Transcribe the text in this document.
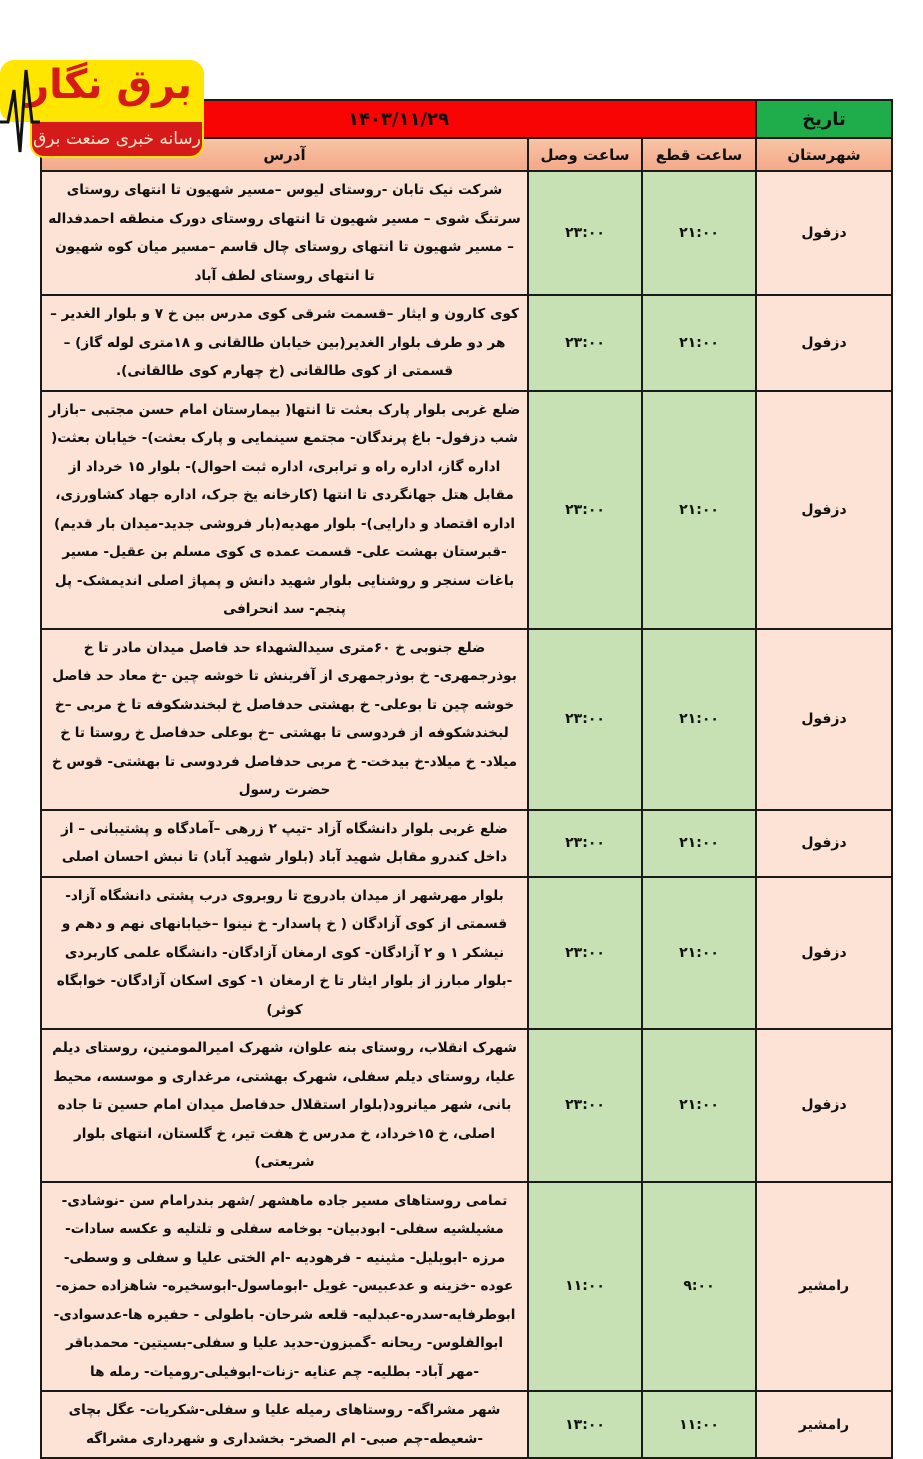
برق نگار
رسانه خبری صنعت برق
تاریخ	۱۴۰۳/۱۱/۲۹		
شهرستان	ساعت قطع	ساعت وصل	آدرس
دزفول	۲۱:۰۰	۲۳:۰۰	شرکت نیک تابان -روستای لیوس –مسیر شهیون تا انتهای روستای سرتنگ شوی – مسیر شهیون تا انتهای روستای دورک منطقه احمدفداله – مسیر شهیون تا انتهای روستای چال قاسم –مسیر میان کوه شهیون تا انتهای روستای لطف آباد
دزفول	۲۱:۰۰	۲۳:۰۰	کوی کارون و ایثار –قسمت شرقی کوی مدرس بین خ ۷ و بلوار الغدیر –هر دو طرف بلوار الغدیر(بین خیابان طالقانی و ۱۸متری لوله گاز) –قسمتی از کوی طالقانی (خ چهارم کوی طالقانی).
دزفول	۲۱:۰۰	۲۳:۰۰	ضلع غربی بلوار پارک بعثت تا انتها( بیمارستان امام حسن مجتبی –بازار شب دزفول- باغ پرندگان- مجتمع سینمایی و پارک بعثت)- خیابان بعثت( اداره گاز، اداره راه و ترابری، اداره ثبت احوال)- بلوار ۱۵ خرداد از مقابل هتل جهانگردی تا انتها (کارخانه یخ جرک، اداره جهاد کشاورزی، اداره اقتصاد و دارایی)- بلوار مهدیه(بار فروشی جدید-میدان بار قدیم) -قبرستان بهشت علی- قسمت عمده ی کوی مسلم بن عقیل- مسیر باغات سنجر و روشنایی بلوار شهید دانش و پمپاژ اصلی اندیمشک- پل پنجم- سد انحرافی
دزفول	۲۱:۰۰	۲۳:۰۰	ضلع جنوبی خ ۶۰متری سیدالشهداء حد فاصل میدان مادر تا خ بوذرجمهری- خ بوذرجمهری از آفرینش تا خوشه چین -خ معاد حد فاصل خوشه چین تا بوعلی- خ بهشتی حدفاصل خ لبخندشکوفه تا خ مربی –خ لبخندشکوفه از فردوسی تا بهشتی –خ بوعلی حدفاصل خ روستا تا خ میلاد- خ میلاد-خ بیدخت- خ مربی حدفاصل فردوسی تا بهشتی- قوس خ حضرت رسول
دزفول	۲۱:۰۰	۲۳:۰۰	ضلع غربی بلوار دانشگاه آزاد -تیپ ۲ زرهی –آمادگاه و پشتیبانی – از داخل کندرو مقابل شهید آباد (بلوار شهید آباد) تا نبش احسان اصلی
دزفول	۲۱:۰۰	۲۳:۰۰	بلوار مهرشهر از میدان بادروج تا روبروی درب پشتی دانشگاه آزاد- قسمتی از کوی آزادگان ( خ پاسدار- خ نینوا –خیابانهای نهم و دهم و نیشکر ۱ و ۲ آزادگان- کوی ارمغان آزادگان- دانشگاه علمی کاربردی -بلوار مبارز از بلوار ایثار تا خ ارمغان ۱- کوی اسکان آزادگان- خوابگاه کوثر)
دزفول	۲۱:۰۰	۲۳:۰۰	شهرک انقلاب، روستای بنه علوان، شهرک امیرالمومنین، روستای دیلم علیا، روستای دیلم سفلی، شهرک بهشتی، مرغداری و موسسه، محیط بانی، شهر میانرود(بلوار استقلال حدفاصل میدان امام حسین تا جاده اصلی، خ ۱۵خرداد، خ مدرس خ هفت تیر، خ گلستان، انتهای بلوار شریعتی)
رامشیر	۹:۰۰	۱۱:۰۰	تمامی روستاهای مسیر جاده ماهشهر /شهر بندرامام سن -نوشادی- مشیلشیه سفلی- ابودبیان- بوخامه سفلی و تلتلیه و عکسه سادات- مرزه -ابویلیل- مثینیه - فرهودیه -ام الختی علیا و سفلی و وسطی- عوده -خزینه و عدعبیس- غویل -ابوماسول-ابوسخیره- شاهزاده حمزه-ابوطرفایه-سدره-عبدلیه- قلعه شرحان- باطولی - حفیره ها-عدسوادی- ابوالفلوس- ریحانه -گمبزون-حدید علیا و سفلی-بسیتین- محمدباقر -مهر آباد- بطلیه- چم عنایه -زنات-ابوفیلی-رومیات- رمله ها
رامشیر	۱۱:۰۰	۱۳:۰۰	شهر مشراگه- روستاهای رمیله علیا و سفلی-شکریات- عگل بچای -شعیطه-چم صبی- ام الصخر- بخشداری و شهرداری مشراگه
